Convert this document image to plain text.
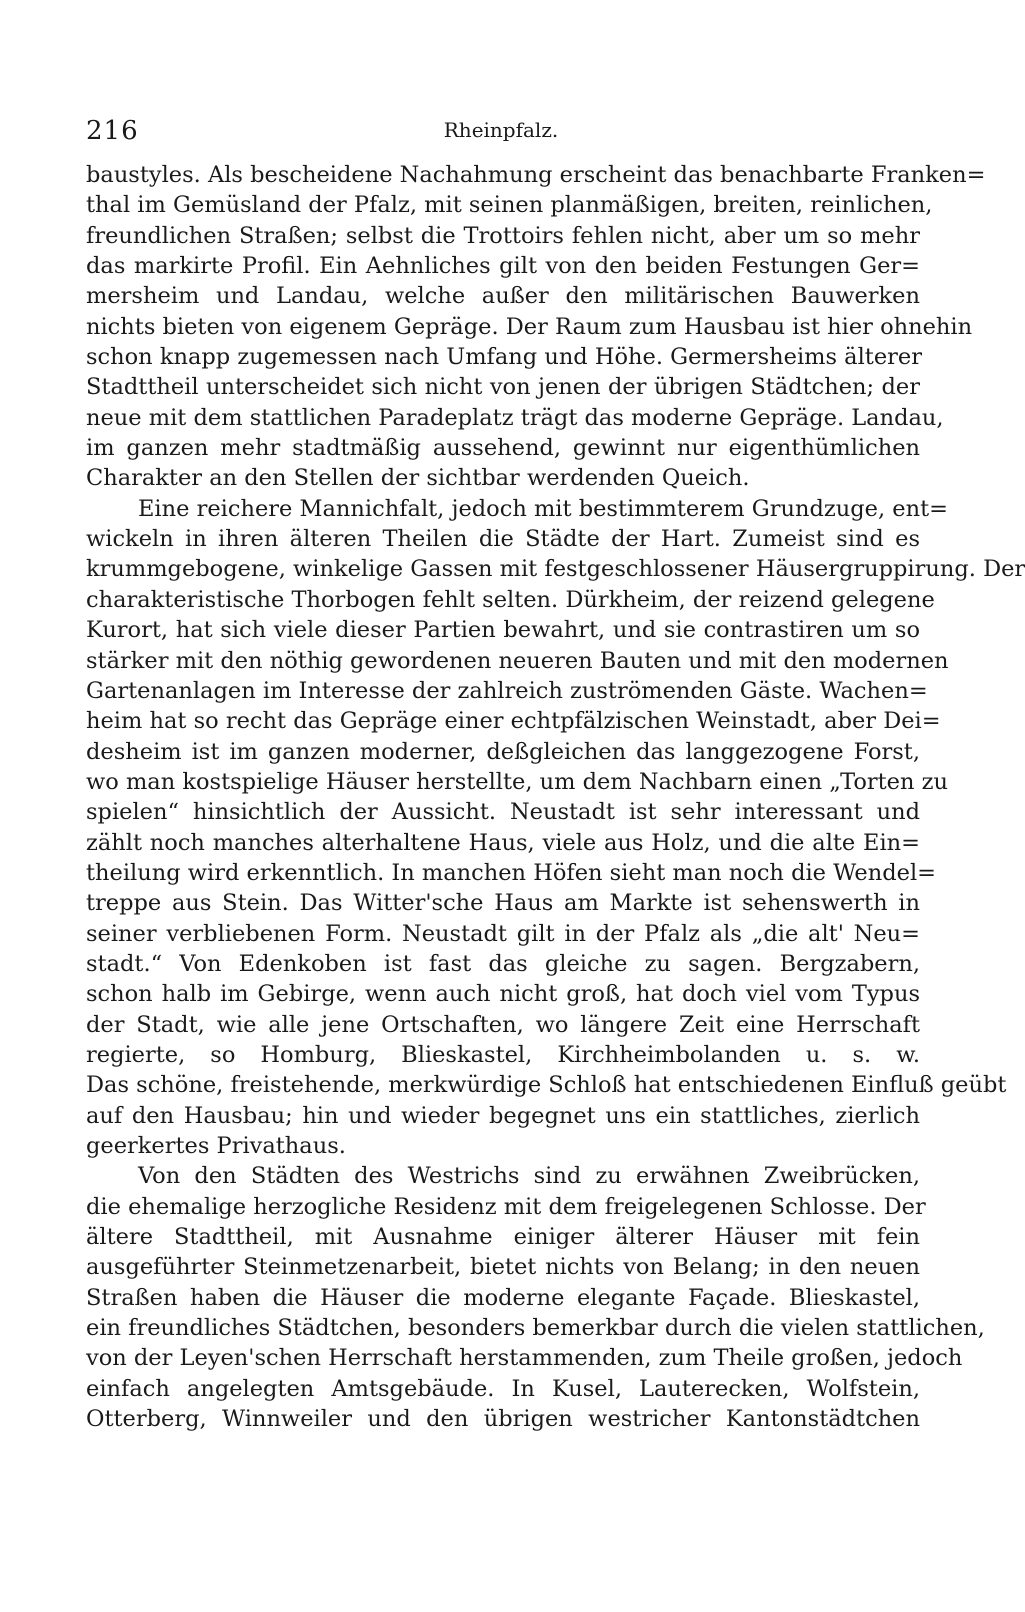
216	Rheinpfalz.
baustyles. Als bescheidene Nachahmung erscheint das benachbarte Franken=
thal im Gemüsland der Pfalz, mit seinen planmäßigen, breiten, reinlichen,
freundlichen Straßen; selbst die Trottoirs fehlen nicht, aber um so mehr
das markirte Profil. Ein Aehnliches gilt von den beiden Festungen Ger=
mersheim und Landau, welche außer den militärischen Bauwerken
nichts bieten von eigenem Gepräge. Der Raum zum Hausbau ist hier ohnehin
schon knapp zugemessen nach Umfang und Höhe. Germersheims älterer
Stadttheil unterscheidet sich nicht von jenen der übrigen Städtchen; der
neue mit dem stattlichen Paradeplatz trägt das moderne Gepräge. Landau,
im ganzen mehr stadtmäßig aussehend, gewinnt nur eigenthümlichen
Charakter an den Stellen der sichtbar werdenden Queich.
Eine reichere Mannichfalt, jedoch mit bestimmterem Grundzuge, ent=
wickeln in ihren älteren Theilen die Städte der Hart. Zumeist sind es
krummgebogene, winkelige Gassen mit festgeschlossener Häusergruppirung. Der
charakteristische Thorbogen fehlt selten. Dürkheim, der reizend gelegene
Kurort, hat sich viele dieser Partien bewahrt, und sie contrastiren um so
stärker mit den nöthig gewordenen neueren Bauten und mit den modernen
Gartenanlagen im Interesse der zahlreich zuströmenden Gäste. Wachen=
heim hat so recht das Gepräge einer echtpfälzischen Weinstadt, aber Dei=
desheim ist im ganzen moderner, deßgleichen das langgezogene Forst,
wo man kostspielige Häuser herstellte, um dem Nachbarn einen „Torten zu
spielen“ hinsichtlich der Aussicht. Neustadt ist sehr interessant und
zählt noch manches alterhaltene Haus, viele aus Holz, und die alte Ein=
theilung wird erkenntlich. In manchen Höfen sieht man noch die Wendel=
treppe aus Stein. Das Witter'sche Haus am Markte ist sehenswerth in
seiner verbliebenen Form. Neustadt gilt in der Pfalz als „die alt' Neu=
stadt.“ Von Edenkoben ist fast das gleiche zu sagen. Bergzabern,
schon halb im Gebirge, wenn auch nicht groß, hat doch viel vom Typus
der Stadt, wie alle jene Ortschaften, wo längere Zeit eine Herrschaft
regierte, so Homburg, Blieskastel, Kirchheimbolanden u. s. w.
Das schöne, freistehende, merkwürdige Schloß hat entschiedenen Einfluß geübt
auf den Hausbau; hin und wieder begegnet uns ein stattliches, zierlich
geerkertes Privathaus.
Von den Städten des Westrichs sind zu erwähnen Zweibrücken,
die ehemalige herzogliche Residenz mit dem freigelegenen Schlosse. Der
ältere Stadttheil, mit Ausnahme einiger älterer Häuser mit fein
ausgeführter Steinmetzenarbeit, bietet nichts von Belang; in den neuen
Straßen haben die Häuser die moderne elegante Façade. Blieskastel,
ein freundliches Städtchen, besonders bemerkbar durch die vielen stattlichen,
von der Leyen'schen Herrschaft herstammenden, zum Theile großen, jedoch
einfach angelegten Amtsgebäude. In Kusel, Lauterecken, Wolfstein,
Otterberg, Winnweiler und den übrigen westricher Kantonstädtchen
